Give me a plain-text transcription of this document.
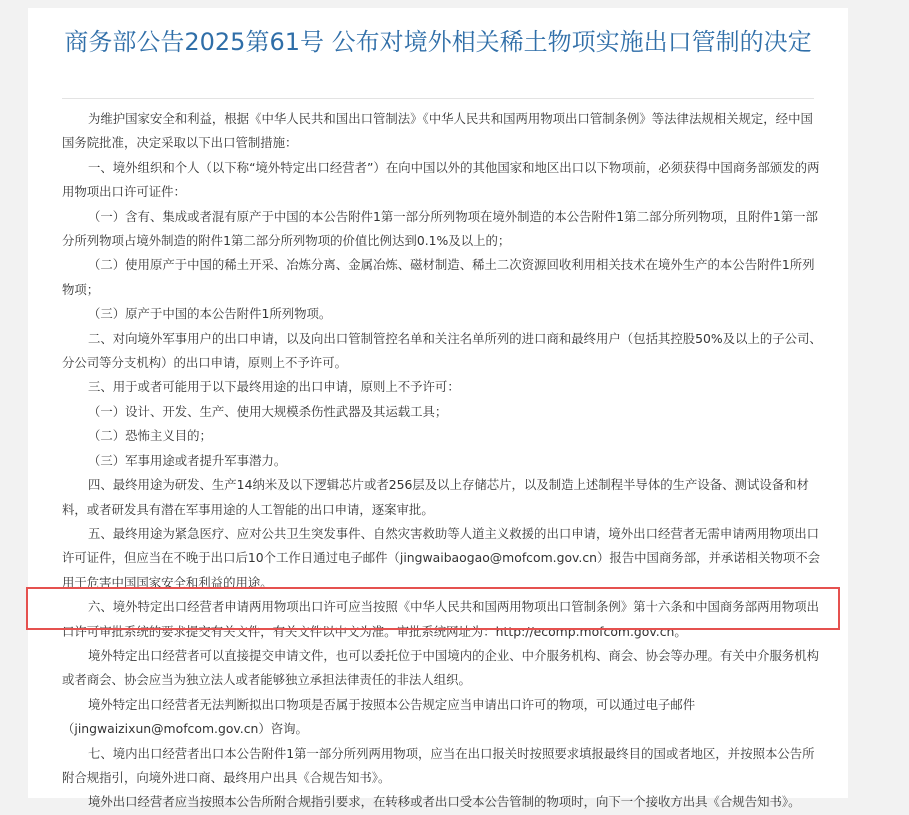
商务部公告2025第61号 公布对境外相关稀土物项实施出口管制的决定

为维护国家安全和利益，根据《中华人民共和国出口管制法》《中华人民共和国两用物项出口管制条例》等法律法规相关规定，经中国国务院批准，决定采取以下出口管制措施：

一、境外组织和个人（以下称“境外特定出口经营者”）在向中国以外的其他国家和地区出口以下物项前，必须获得中国商务部颁发的两用物项出口许可证件：

（一）含有、集成或者混有原产于中国的本公告附件1第一部分所列物项在境外制造的本公告附件1第二部分所列物项，且附件1第一部分所列物项占境外制造的附件1第二部分所列物项的价值比例达到0.1%及以上的；

（二）使用原产于中国的稀土开采、冶炼分离、金属冶炼、磁材制造、稀土二次资源回收利用相关技术在境外生产的本公告附件1所列物项；

（三）原产于中国的本公告附件1所列物项。

二、对向境外军事用户的出口申请，以及向出口管制管控名单和关注名单所列的进口商和最终用户（包括其控股50%及以上的子公司、分公司等分支机构）的出口申请，原则上不予许可。

三、用于或者可能用于以下最终用途的出口申请，原则上不予许可：

（一）设计、开发、生产、使用大规模杀伤性武器及其运载工具；

（二）恐怖主义目的；

（三）军事用途或者提升军事潜力。

四、最终用途为研发、生产14纳米及以下逻辑芯片或者256层及以上存储芯片，以及制造上述制程半导体的生产设备、测试设备和材料，或者研发具有潜在军事用途的人工智能的出口申请，逐案审批。

五、最终用途为紧急医疗、应对公共卫生突发事件、自然灾害救助等人道主义救援的出口申请，境外出口经营者无需申请两用物项出口许可证件，但应当在不晚于出口后10个工作日通过电子邮件（jingwaibaogao@mofcom.gov.cn）报告中国商务部，并承诺相关物项不会用于危害中国国家安全和利益的用途。

六、境外特定出口经营者申请两用物项出口许可应当按照《中华人民共和国两用物项出口管制条例》第十六条和中国商务部两用物项出口许可审批系统的要求提交有关文件，有关文件以中文为准。审批系统网址为：http://ecomp.mofcom.gov.cn。

境外特定出口经营者可以直接提交申请文件，也可以委托位于中国境内的企业、中介服务机构、商会、协会等办理。有关中介服务机构或者商会、协会应当为独立法人或者能够独立承担法律责任的非法人组织。

境外特定出口经营者无法判断拟出口物项是否属于按照本公告规定应当申请出口许可的物项，可以通过电子邮件（jingwaizixun@mofcom.gov.cn）咨询。

七、境内出口经营者出口本公告附件1第一部分所列两用物项，应当在出口报关时按照要求填报最终目的国或者地区，并按照本公告所附合规指引，向境外进口商、最终用户出具《合规告知书》。

境外出口经营者应当按照本公告所附合规指引要求，在转移或者出口受本公告管制的物项时，向下一个接收方出具《合规告知书》。
